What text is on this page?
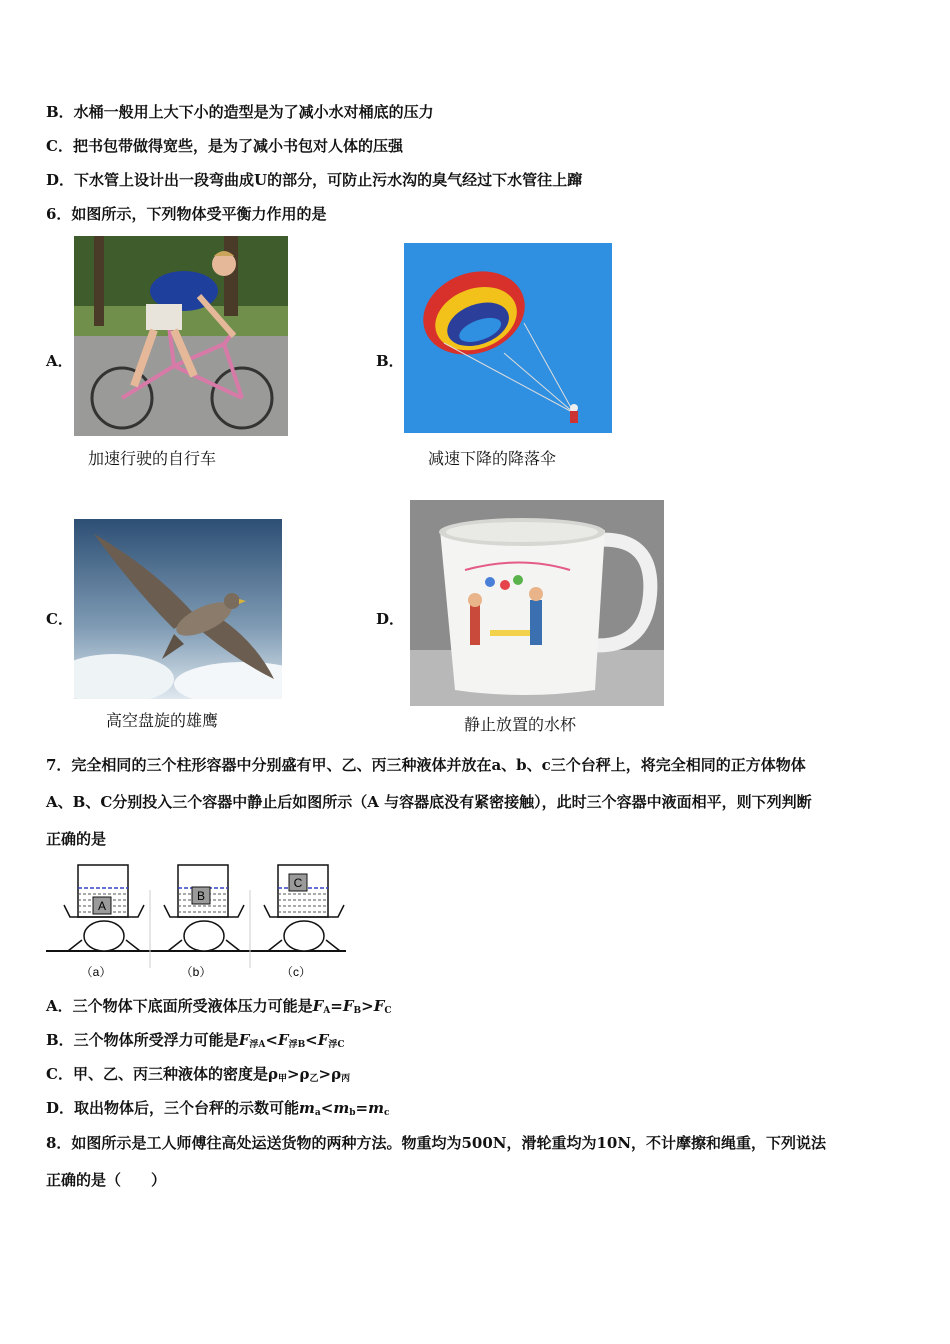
B．水桶一般用上大下小的造型是为了减小水对桶底的压力
C．把书包带做得宽些，是为了减小书包对人体的压强
D．下水管上设计出一段弯曲成U的部分，可防止污水沟的臭气经过下水管往上蹿
6．如图所示，下列物体受平衡力作用的是
A．
加速行驶的自行车
B．
减速下降的降落伞
C．
高空盘旋的雄鹰
D．
静止放置的水杯
7．完全相同的三个柱形容器中分别盛有甲、乙、丙三种液体并放在a、b、c三个台秤上，将完全相同的正方体物体
A、B、C分别投入三个容器中静止后如图所示（A 与容器底没有紧密接触），此时三个容器中液面相平，则下列判断
正确的是
A
B
C
（a）	（b）	（c）
A．三个物体下底面所受液体压力可能是$F_A=F_B>F_C$
B．三个物体所受浮力可能是$F_{浮A}<F_{浮B}<F_{浮C}$
C．甲、乙、丙三种液体的密度是$\rho_甲>\rho_乙>\rho_丙$
D．取出物体后，三个台秤的示数可能$m_a<m_b=m_c$
8．如图所示是工人师傅往高处运送货物的两种方法。物重均为500N，滑轮重均为10N，不计摩擦和绳重，下列说法
正确的是（　　）
